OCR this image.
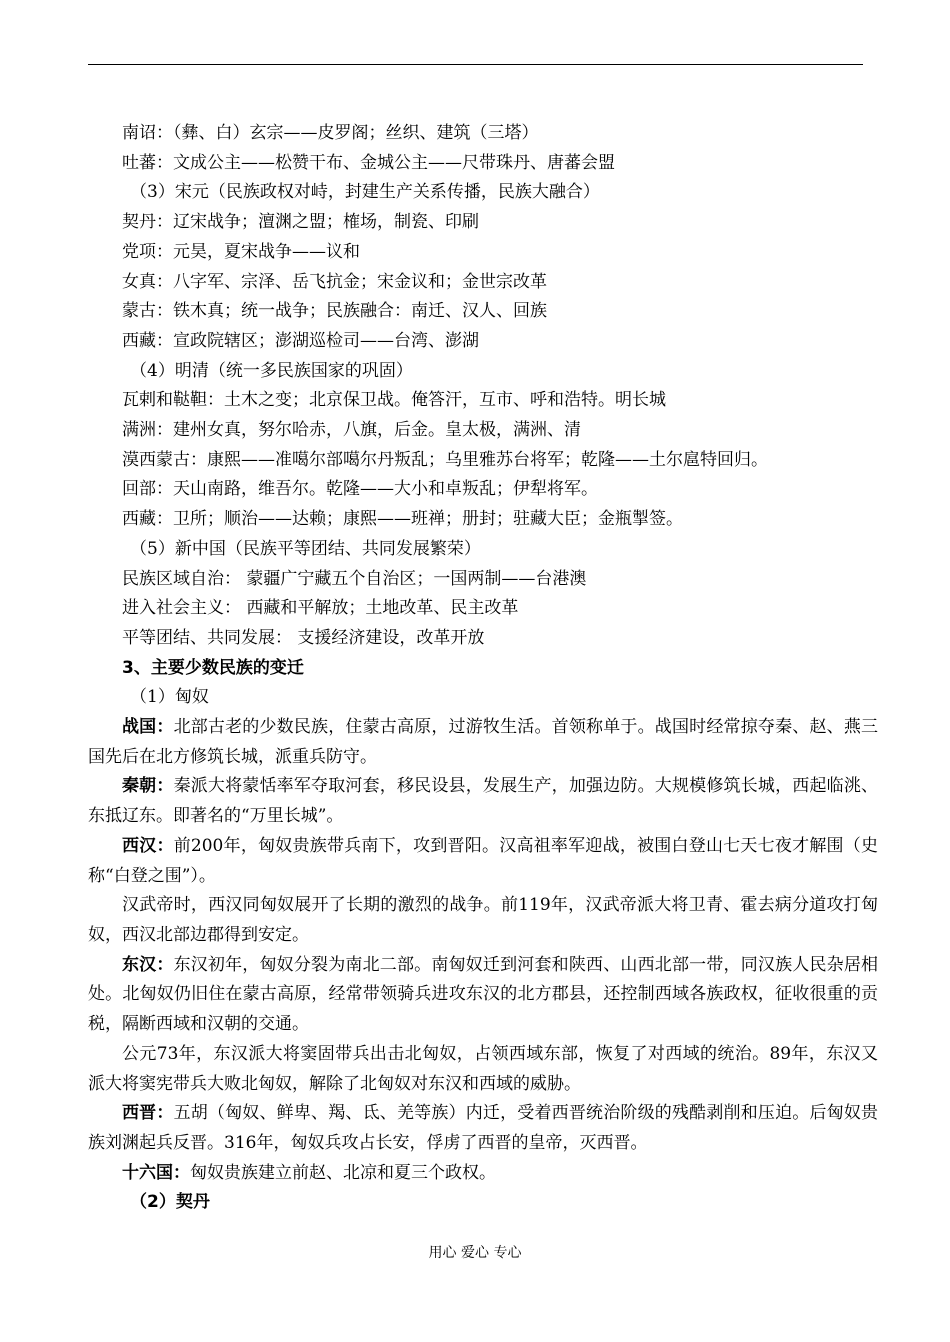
南诏：（彝、白）玄宗——皮罗阁；丝织、建筑（三塔）
吐蕃：文成公主——松赞干布、金城公主——尺带珠丹、唐蕃会盟
（3）宋元（民族政权对峙，封建生产关系传播，民族大融合）
契丹：辽宋战争；澶渊之盟；榷场，制瓷、印刷
党项：元昊，夏宋战争——议和
女真：八字军、宗泽、岳飞抗金；宋金议和；金世宗改革
蒙古：铁木真；统一战争；民族融合：南迁、汉人、回族
西藏：宣政院辖区；澎湖巡检司——台湾、澎湖
（4）明清（统一多民族国家的巩固）
瓦剌和鞑靼：土木之变；北京保卫战。俺答汗，互市、呼和浩特。明长城
满洲：建州女真，努尔哈赤，八旗，后金。皇太极，满洲、清
漠西蒙古：康熙——准噶尔部噶尔丹叛乱；乌里雅苏台将军；乾隆——土尔扈特回归。
回部：天山南路，维吾尔。乾隆——大小和卓叛乱；伊犁将军。
西藏：卫所；顺治——达赖；康熙——班禅；册封；驻藏大臣；金瓶掣签。
（5）新中国（民族平等团结、共同发展繁荣）
民族区域自治： 蒙疆广宁藏五个自治区；一国两制——台港澳
进入社会主义： 西藏和平解放；土地改革、民主改革
平等团结、共同发展： 支援经济建设，改革开放
3、主要少数民族的变迁
（1）匈奴

战国：北部古老的少数民族，住蒙古高原，过游牧生活。首领称单于。战国时经常掠夺秦、赵、燕三国先后在北方修筑长城，派重兵防守。

秦朝：秦派大将蒙恬率军夺取河套，移民设县，发展生产，加强边防。大规模修筑长城，西起临洮、东抵辽东。即著名的“万里长城”。

西汉：前200年，匈奴贵族带兵南下，攻到晋阳。汉高祖率军迎战，被围白登山七天七夜才解围（史称“白登之围”）。

汉武帝时，西汉同匈奴展开了长期的激烈的战争。前119年，汉武帝派大将卫青、霍去病分道攻打匈奴，西汉北部边郡得到安定。

东汉：东汉初年，匈奴分裂为南北二部。南匈奴迁到河套和陕西、山西北部一带，同汉族人民杂居相处。北匈奴仍旧住在蒙古高原，经常带领骑兵进攻东汉的北方郡县，还控制西域各族政权，征收很重的贡税，隔断西域和汉朝的交通。

公元73年，东汉派大将窦固带兵出击北匈奴，占领西域东部，恢复了对西域的统治。89年，东汉又派大将窦宪带兵大败北匈奴，解除了北匈奴对东汉和西域的威胁。

西晋：五胡（匈奴、鲜卑、羯、氐、羌等族）内迁，受着西晋统治阶级的残酷剥削和压迫。后匈奴贵族刘渊起兵反晋。316年，匈奴兵攻占长安，俘虏了西晋的皇帝，灭西晋。

十六国：匈奴贵族建立前赵、北凉和夏三个政权。

（2）契丹
用心 爱心 专心
